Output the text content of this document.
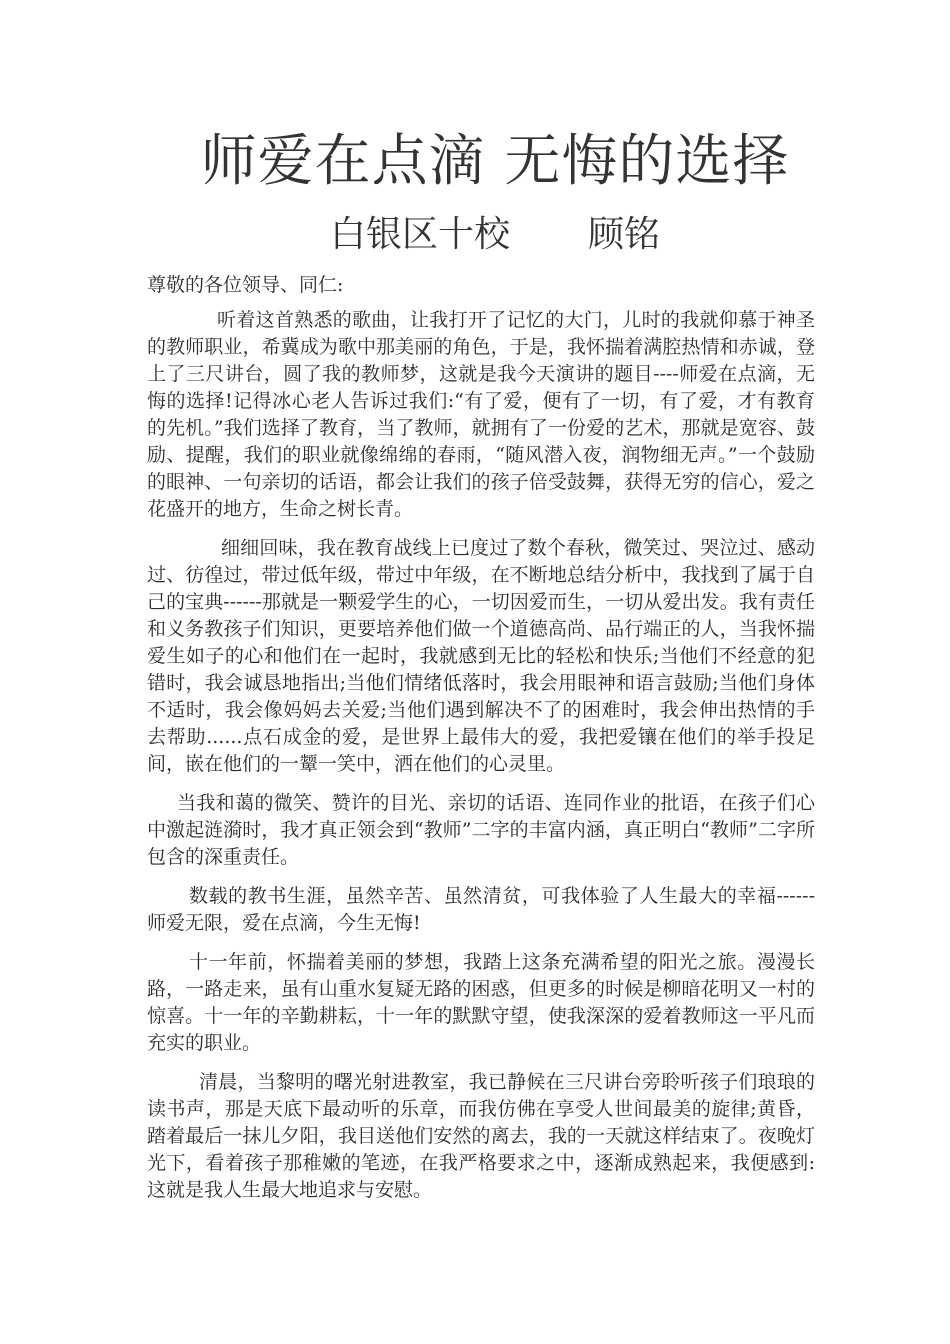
师爱在点滴 无悔的选择
白银区十校 顾铭

尊敬的各位领导、同仁:

听着这首熟悉的歌曲，让我打开了记忆的大门，儿时的我就仰慕于神圣的教师职业，希冀成为歌中那美丽的角色，于是，我怀揣着满腔热情和赤诚，登上了三尺讲台，圆了我的教师梦，这就是我今天演讲的题目----师爱在点滴，无悔的选择!记得冰心老人告诉过我们:“有了爱，便有了一切，有了爱，才有教育的先机。”我们选择了教育，当了教师，就拥有了一份爱的艺术，那就是宽容、鼓励、提醒，我们的职业就像绵绵的春雨，“随风潜入夜，润物细无声。”一个鼓励的眼神、一句亲切的话语，都会让我们的孩子倍受鼓舞，获得无穷的信心，爱之花盛开的地方，生命之树长青。

细细回味，我在教育战线上已度过了数个春秋，微笑过、哭泣过、感动过、彷徨过，带过低年级，带过中年级，在不断地总结分析中，我找到了属于自己的宝典------那就是一颗爱学生的心，一切因爱而生，一切从爱出发。我有责任和义务教孩子们知识，更要培养他们做一个道德高尚、品行端正的人，当我怀揣爱生如子的心和他们在一起时，我就感到无比的轻松和快乐;当他们不经意的犯错时，我会诚恳地指出;当他们情绪低落时，我会用眼神和语言鼓励;当他们身体不适时，我会像妈妈去关爱;当他们遇到解决不了的困难时，我会伸出热情的手去帮助......点石成金的爱，是世界上最伟大的爱，我把爱镶在他们的举手投足间，嵌在他们的一颦一笑中，洒在他们的心灵里。

当我和蔼的微笑、赞许的目光、亲切的话语、连同作业的批语，在孩子们心中激起涟漪时，我才真正领会到“教师”二字的丰富内涵，真正明白“教师”二字所包含的深重责任。

数载的教书生涯，虽然辛苦、虽然清贫，可我体验了人生最大的幸福------师爱无限，爱在点滴，今生无悔!

十一年前，怀揣着美丽的梦想，我踏上这条充满希望的阳光之旅。漫漫长路，一路走来，虽有山重水复疑无路的困惑，但更多的时候是柳暗花明又一村的惊喜。十一年的辛勤耕耘，十一年的默默守望，使我深深的爱着教师这一平凡而充实的职业。

清晨，当黎明的曙光射进教室，我已静候在三尺讲台旁聆听孩子们琅琅的读书声，那是天底下最动听的乐章，而我仿佛在享受人世间最美的旋律;黄昏，踏着最后一抹儿夕阳，我目送他们安然的离去，我的一天就这样结束了。夜晚灯光下，看着孩子那稚嫩的笔迹，在我严格要求之中，逐渐成熟起来，我便感到:这就是我人生最大地追求与安慰。
